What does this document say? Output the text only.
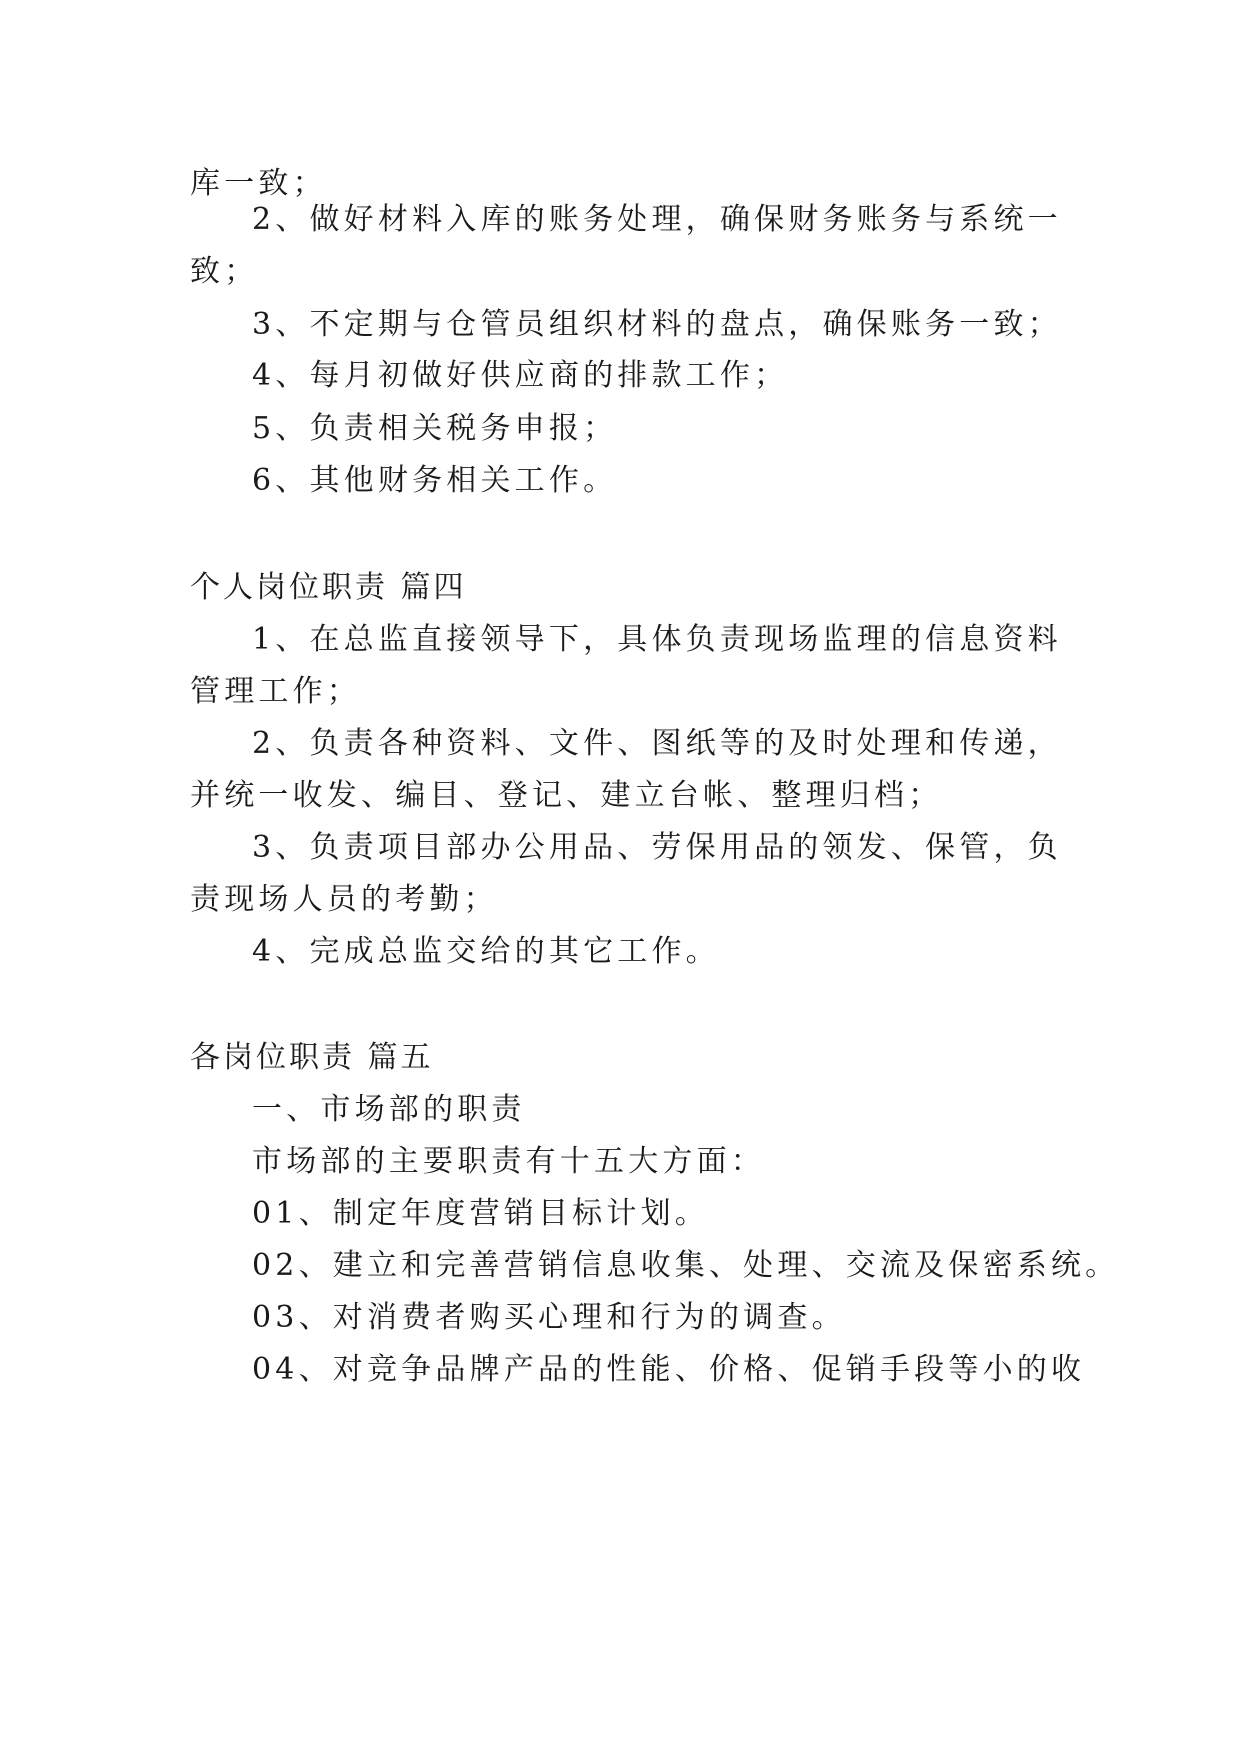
库一致；
2、做好材料入库的账务处理，确保财务账务与系统一
致；
3、不定期与仓管员组织材料的盘点，确保账务一致；
4、每月初做好供应商的排款工作；
5、负责相关税务申报；
6、其他财务相关工作。
个人岗位职责 篇四
1、在总监直接领导下，具体负责现场监理的信息资料
管理工作；
2、负责各种资料、文件、图纸等的及时处理和传递，
并统一收发、编目、登记、建立台帐、整理归档；
3、负责项目部办公用品、劳保用品的领发、保管，负
责现场人员的考勤；
4、完成总监交给的其它工作。
各岗位职责 篇五
一、市场部的职责
市场部的主要职责有十五大方面：
01、制定年度营销目标计划。
02、建立和完善营销信息收集、处理、交流及保密系统。
03、对消费者购买心理和行为的调查。
04、对竞争品牌产品的性能、价格、促销手段等小的收
